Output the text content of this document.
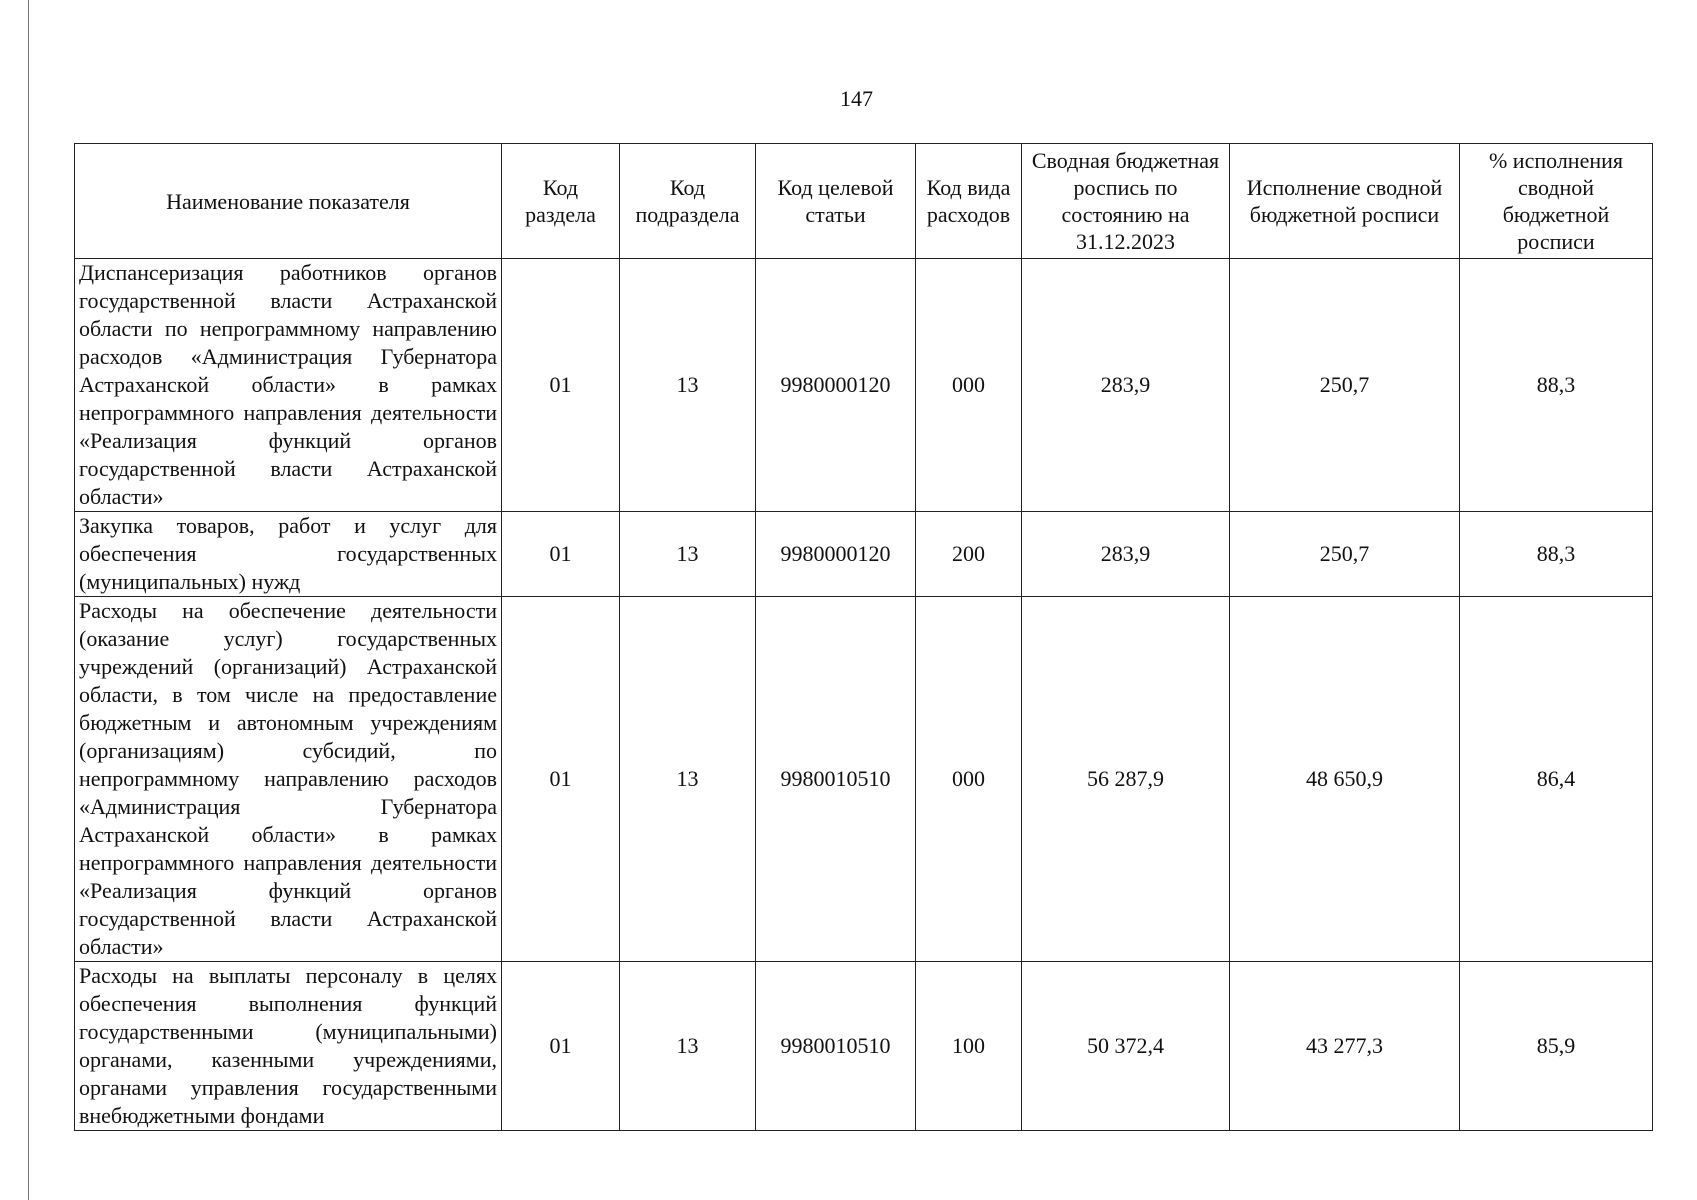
147
Наименование показателя	Код раздела	Код подраздела	Код целевой статьи	Код вида расходов	Сводная бюджетная роспись по состоянию на 31.12.2023	Исполнение сводной бюджетной росписи	% исполнения сводной бюджетной росписи
Диспансеризация работников органов государственной власти Астраханской области по непрограммному направлению расходов «Администрация Губернатора Астраханской области» в рамках непрограммного направления деятельности «Реализация функций органов государственной власти Астраханской области»	01	13	9980000120	000	283,9	250,7	88,3
Закупка товаров, работ и услуг для обеспечения государственных (муниципальных) нужд	01	13	9980000120	200	283,9	250,7	88,3
Расходы на обеспечение деятельности (оказание услуг) государственных учреждений (организаций) Астраханской области, в том числе на предоставление бюджетным и автономным учреждениям (организациям) субсидий, по непрограммному направлению расходов «Администрация Губернатора Астраханской области» в рамках непрограммного направления деятельности «Реализация функций органов государственной власти Астраханской области»	01	13	9980010510	000	56 287,9	48 650,9	86,4
Расходы на выплаты персоналу в целях обеспечения выполнения функций государственными (муниципальными) органами, казенными учреждениями, органами управления государственными внебюджетными фондами	01	13	9980010510	100	50 372,4	43 277,3	85,9
